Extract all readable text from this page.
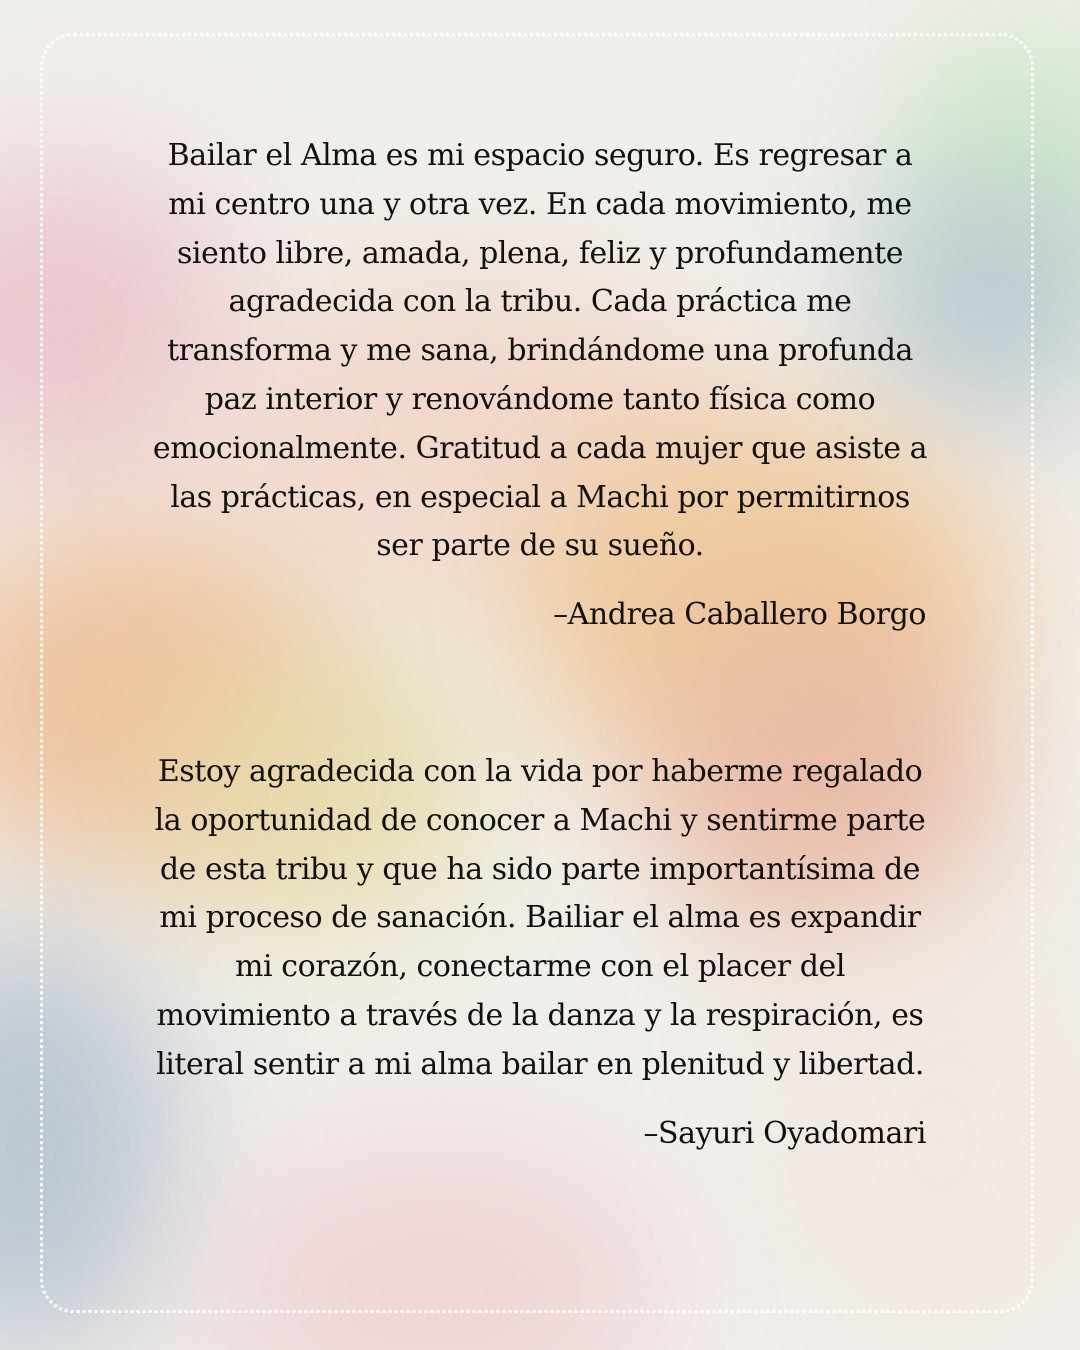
Bailar el Alma es mi espacio seguro. Es regresar a mi centro una y otra vez. En cada movimiento, me siento libre, amada, plena, feliz y profundamente agradecida con la tribu. Cada práctica me transforma y me sana, brindándome una profunda paz interior y renovándome tanto física como emocionalmente. Gratitud a cada mujer que asiste a las prácticas, en especial a Machi por permitirnos ser parte de su sueño.

–Andrea Caballero Borgo

Estoy agradecida con la vida por haberme regalado la oportunidad de conocer a Machi y sentirme parte de esta tribu y que ha sido parte importantísima de mi proceso de sanación. Bailiar el alma es expandir mi corazón, conectarme con el placer del movimiento a través de la danza y la respiración, es literal sentir a mi alma bailar en plenitud y libertad.

–Sayuri Oyadomari
